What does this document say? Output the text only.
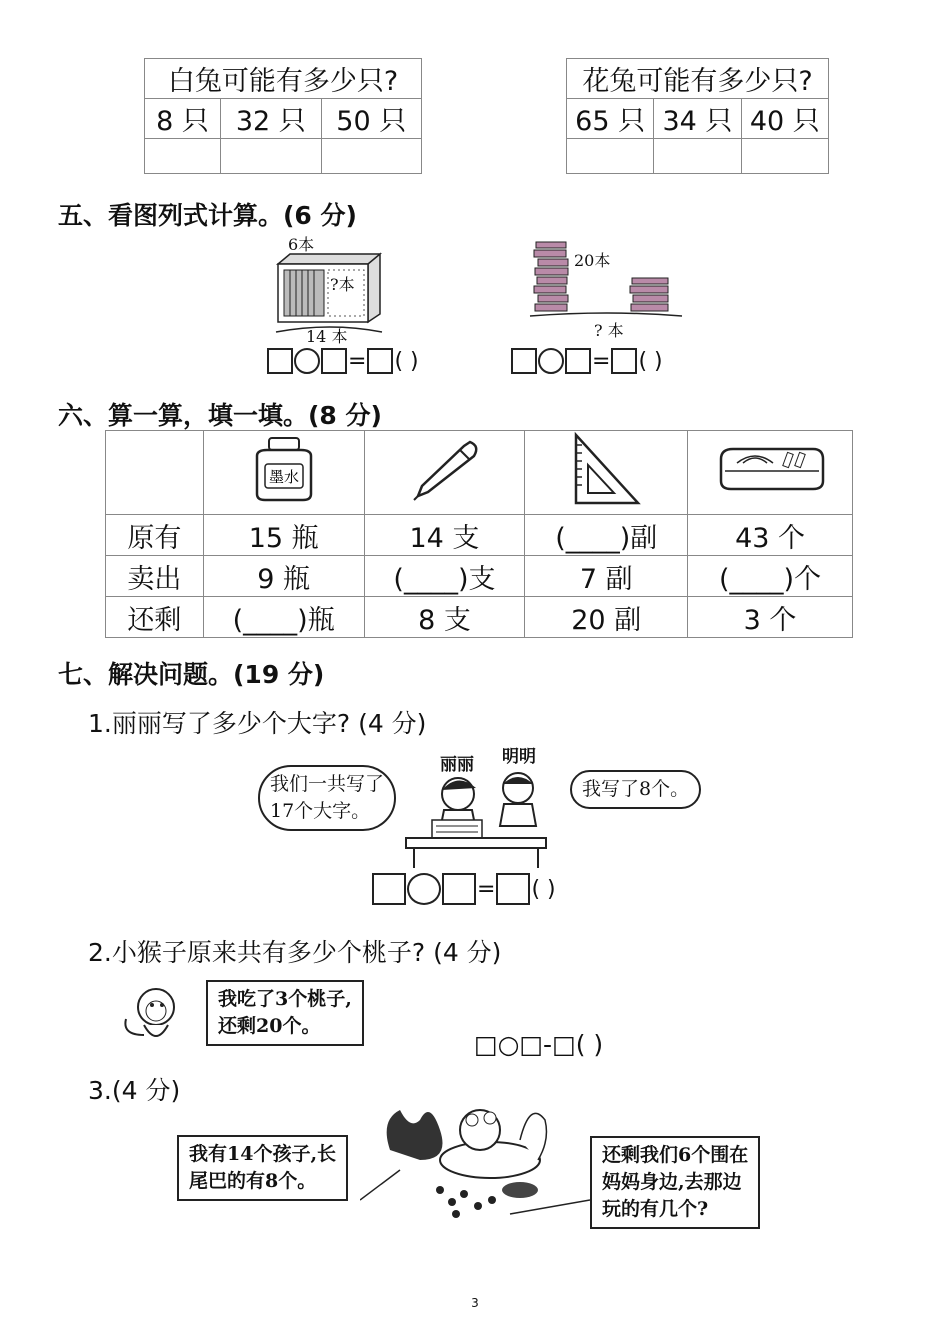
白兔可能有多少只?		
8 只	32 只	50 只

花兔可能有多少只?		
65 只	34 只	40 只

五、看图列式计算。(6 分)
6本
?本
14 本
= ( )
20本
? 本
= ( )
六、算一算，填一填。(8 分)

墨水

原有	15 瓶	14 支	(____)副	43 个
卖出	9 瓶	(____)支	7 副	(____)个
还剩	(____)瓶	8 支	20 副	3 个
七、解决问题。(19 分)
1.丽丽写了多少个大字? (4 分)
我们一共写了
17个大字。
丽丽 明明
我写了8个。
= ( )
2.小猴子原来共有多少个桃子? (4 分)
我吃了3个桃子,
还剩20个。
□○□-□( )
3.(4 分)
我有14个孩子,长
尾巴的有8个。
还剩我们6个围在
妈妈身边,去那边
玩的有几个?
3
